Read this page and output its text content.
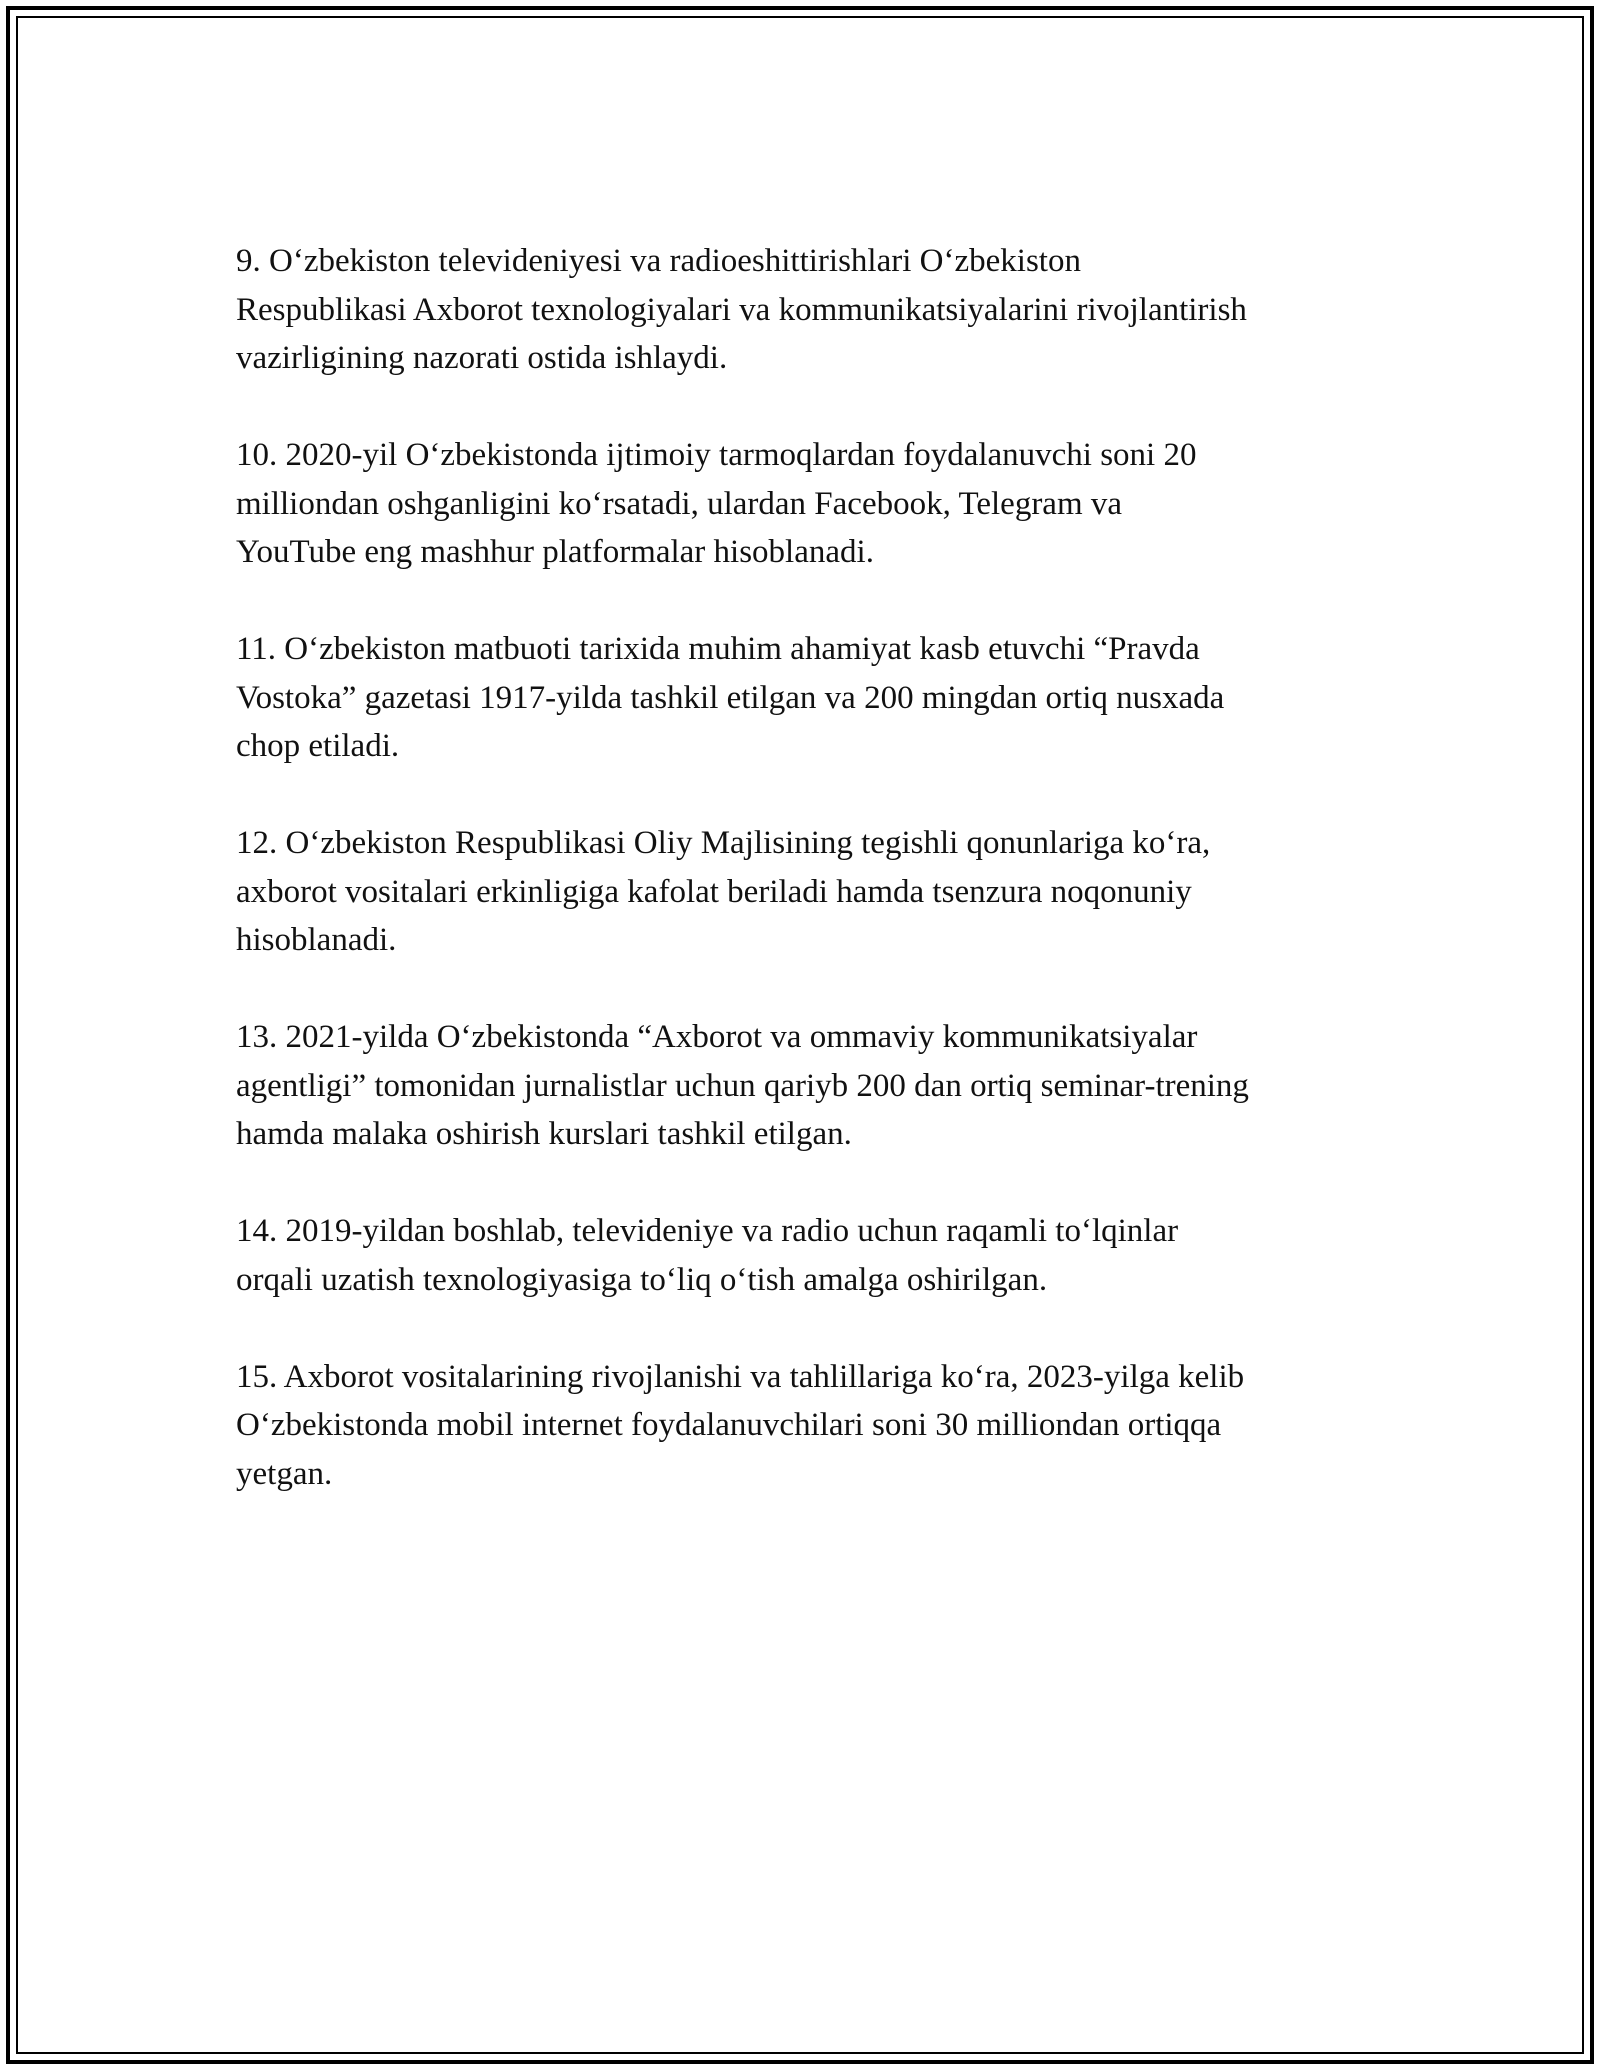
9. O‘zbekiston televideniyesi va radioeshittirishlari O‘zbekiston
Respublikasi Axborot texnologiyalari va kommunikatsiyalarini rivojlantirish
vazirligining nazorati ostida ishlaydi.

10. 2020-yil O‘zbekistonda ijtimoiy tarmoqlardan foydalanuvchi soni 20
milliondan oshganligini ko‘rsatadi, ulardan Facebook, Telegram va
YouTube eng mashhur platformalar hisoblanadi.

11. O‘zbekiston matbuoti tarixida muhim ahamiyat kasb etuvchi “Pravda
Vostoka” gazetasi 1917-yilda tashkil etilgan va 200 mingdan ortiq nusxada
chop etiladi.

12. O‘zbekiston Respublikasi Oliy Majlisining tegishli qonunlariga ko‘ra,
axborot vositalari erkinligiga kafolat beriladi hamda tsenzura noqonuniy
hisoblanadi.

13. 2021-yilda O‘zbekistonda “Axborot va ommaviy kommunikatsiyalar
agentligi” tomonidan jurnalistlar uchun qariyb 200 dan ortiq seminar-trening
hamda malaka oshirish kurslari tashkil etilgan.

14. 2019-yildan boshlab, televideniye va radio uchun raqamli to‘lqinlar
orqali uzatish texnologiyasiga to‘liq o‘tish amalga oshirilgan.

15. Axborot vositalarining rivojlanishi va tahlillariga ko‘ra, 2023-yilga kelib
O‘zbekistonda mobil internet foydalanuvchilari soni 30 milliondan ortiqqa
yetgan.
